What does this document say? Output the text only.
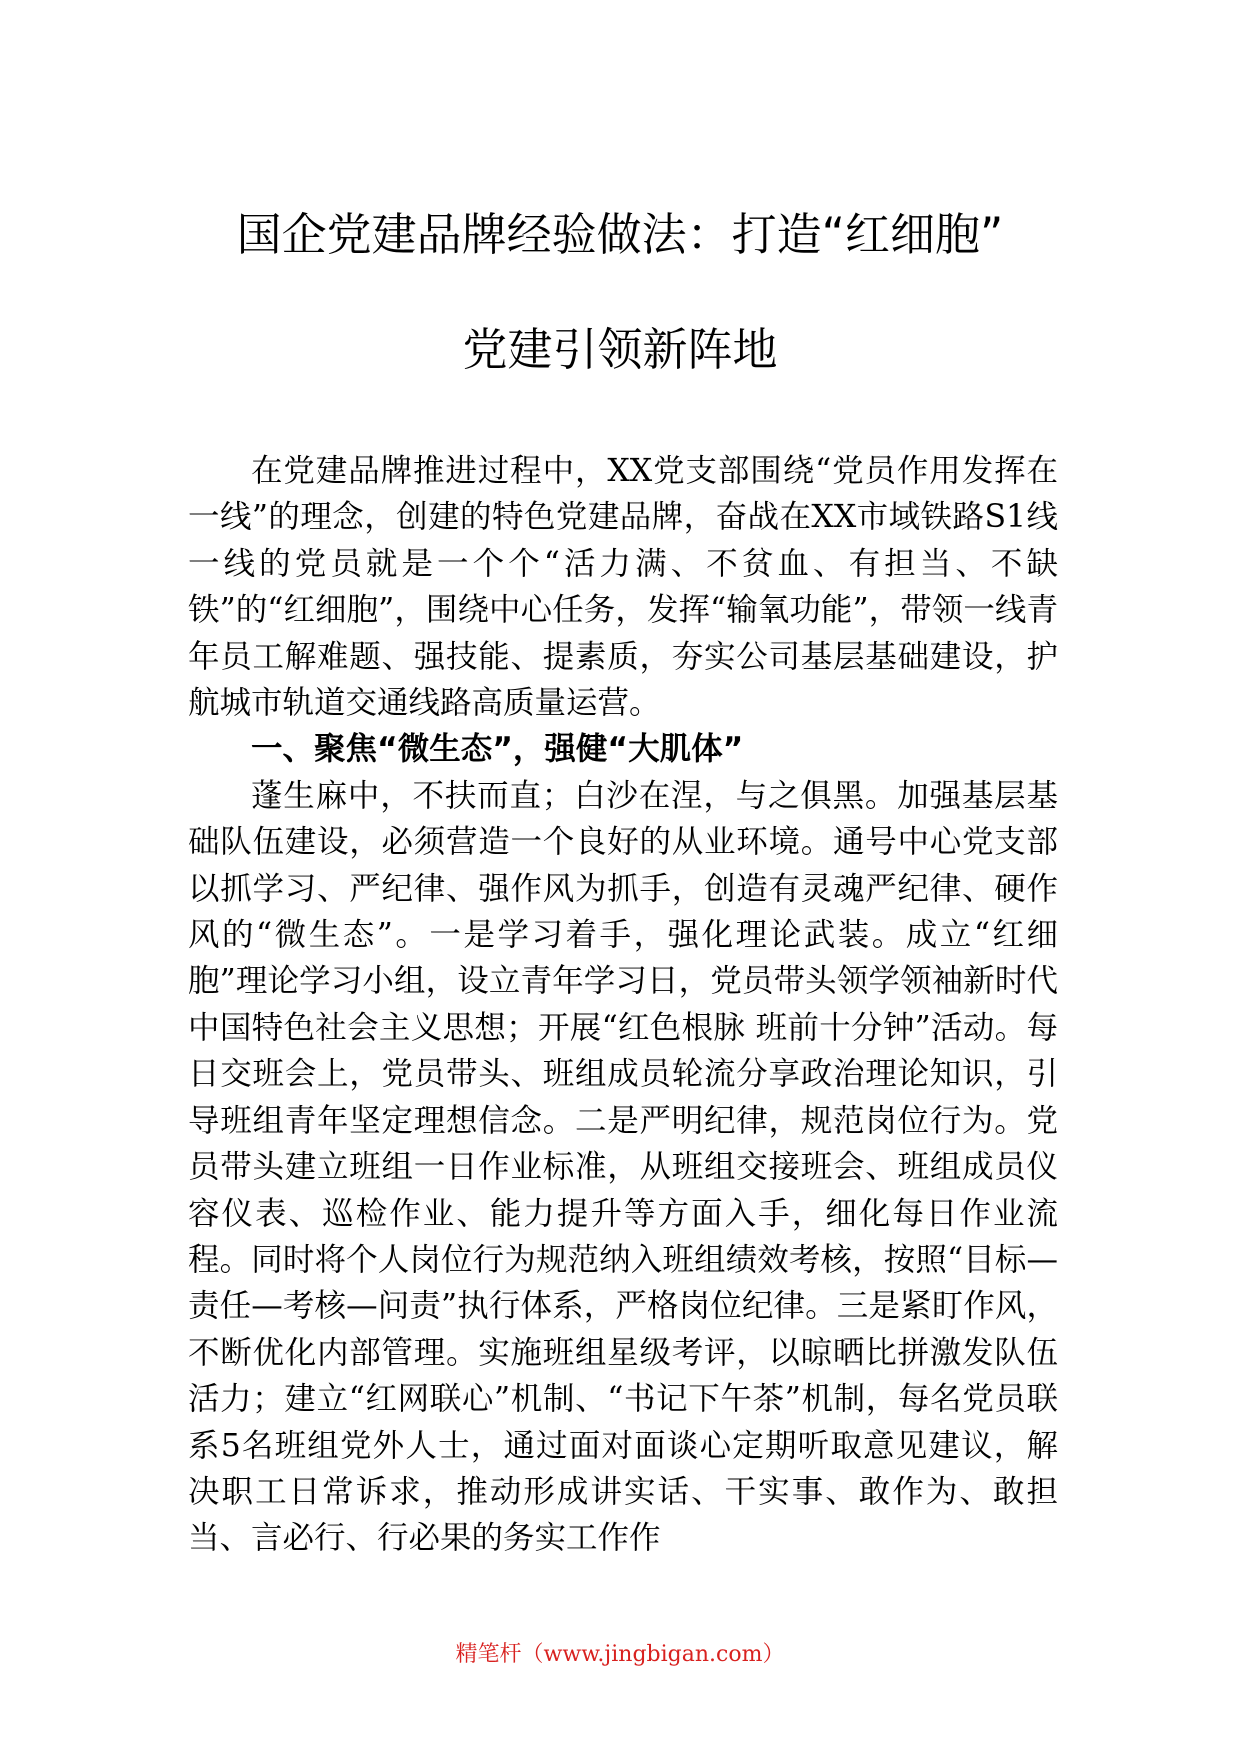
国企党建品牌经验做法：打造“红细胞”
党建引领新阵地

在党建品牌推进过程中，XX党支部围绕“党员作用发挥在一线”的理念，创建的特色党建品牌，奋战在XX市域铁路S1线一线的党员就是一个个“活力满、不贫血、有担当、不缺铁”的“红细胞”，围绕中心任务，发挥“输氧功能”，带领一线青年员工解难题、强技能、提素质，夯实公司基层基础建设，护航城市轨道交通线路高质量运营。

一、聚焦“微生态”，强健“大肌体”

蓬生麻中，不扶而直；白沙在涅，与之俱黑。加强基层基础队伍建设，必须营造一个良好的从业环境。通号中心党支部以抓学习、严纪律、强作风为抓手，创造有灵魂严纪律、硬作风的“微生态”。一是学习着手，强化理论武装。成立“红细胞”理论学习小组，设立青年学习日，党员带头领学领袖新时代中国特色社会主义思想；开展“红色根脉 班前十分钟”活动。每日交班会上，党员带头、班组成员轮流分享政治理论知识，引导班组青年坚定理想信念。二是严明纪律，规范岗位行为。党员带头建立班组一日作业标准，从班组交接班会、班组成员仪容仪表、巡检作业、能力提升等方面入手，细化每日作业流程。同时将个人岗位行为规范纳入班组绩效考核，按照“目标—责任—考核—问责”执行体系，严格岗位纪律。三是紧盯作风，不断优化内部管理。实施班组星级考评，以晾晒比拼激发队伍活力；建立“红网联心”机制、“书记下午茶”机制，每名党员联系5名班组党外人士，通过面对面谈心定期听取意见建议，解决职工日常诉求，推动形成讲实话、干实事、敢作为、敢担当、言必行、行必果的务实工作作

精笔杆（www.jingbigan.com）
